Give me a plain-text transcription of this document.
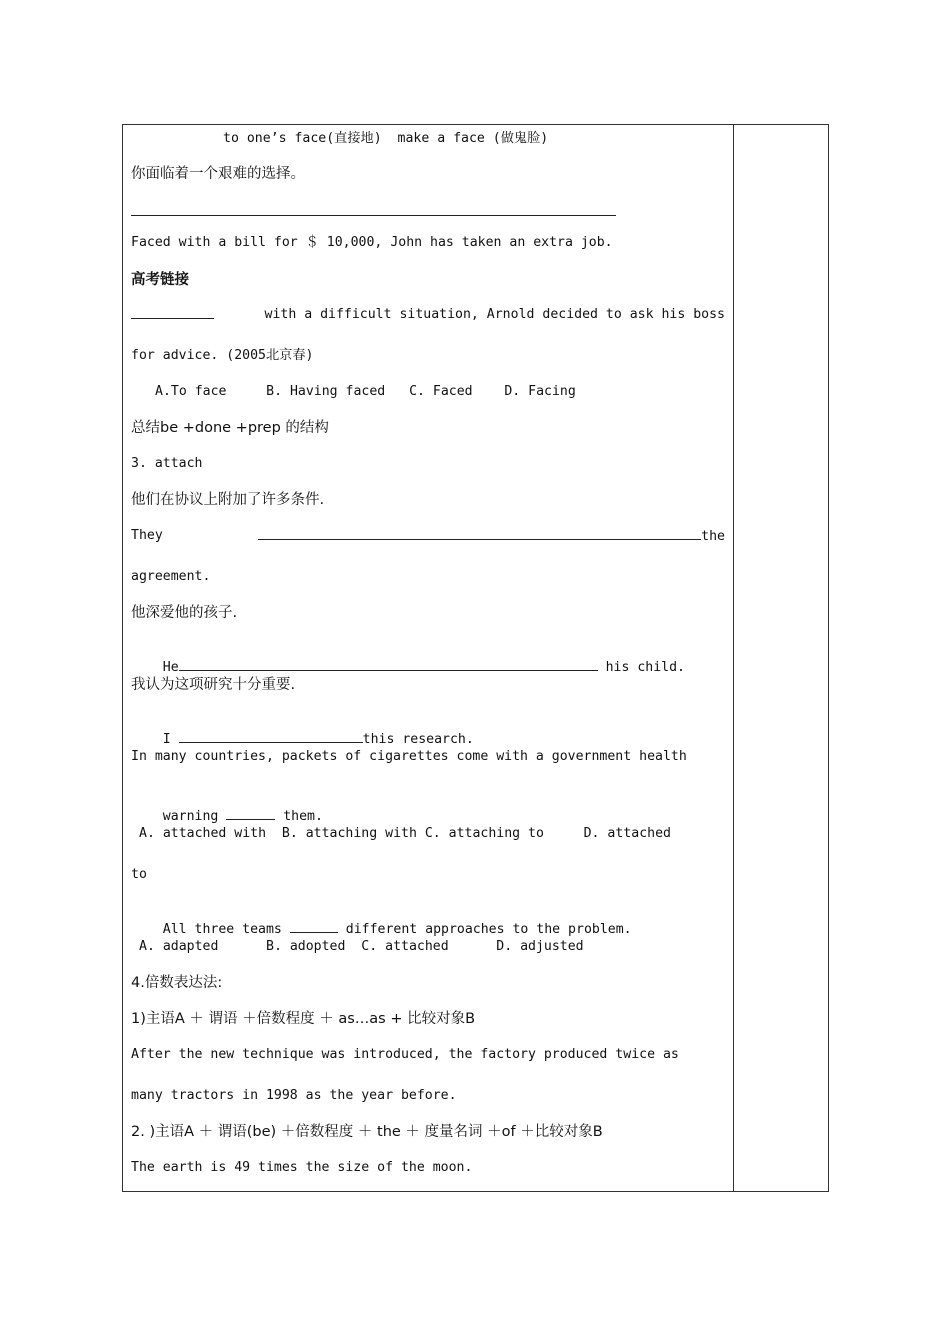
to one’s face(直接地)  make a face (做鬼脸)
你面临着一个艰难的选择。
Faced with a bill for ＄ 10,000, John has taken an extra job.
高考链接
with a difficult situation, Arnold decided to ask his boss
for advice. (2005北京春)
A.To face     B. Having faced   C. Faced    D. Facing
总结be +done +prep 的结构
3. attach
他们在协议上附加了许多条件.
They	the
agreement.
他深爱他的孩子.

He	his child.

我认为这项研究十分重要.

I	this research.

In many countries, packets of cigarettes come with a government health

warning	them.

A. attached with  B. attaching with C. attaching to     D. attached
to

All three teams	different approaches to the problem.

A. adapted      B. adopted  C. attached      D. adjusted
4.倍数表达法:
1)主语A ＋ 谓语 ＋倍数程度 ＋ as…as + 比较对象B
After the new technique was introduced, the factory produced twice as
many tractors in 1998 as the year before.
2. )主语A ＋ 谓语(be) ＋倍数程度 ＋ the ＋ 度量名词 ＋of ＋比较对象B
The earth is 49 times the size of the moon.
